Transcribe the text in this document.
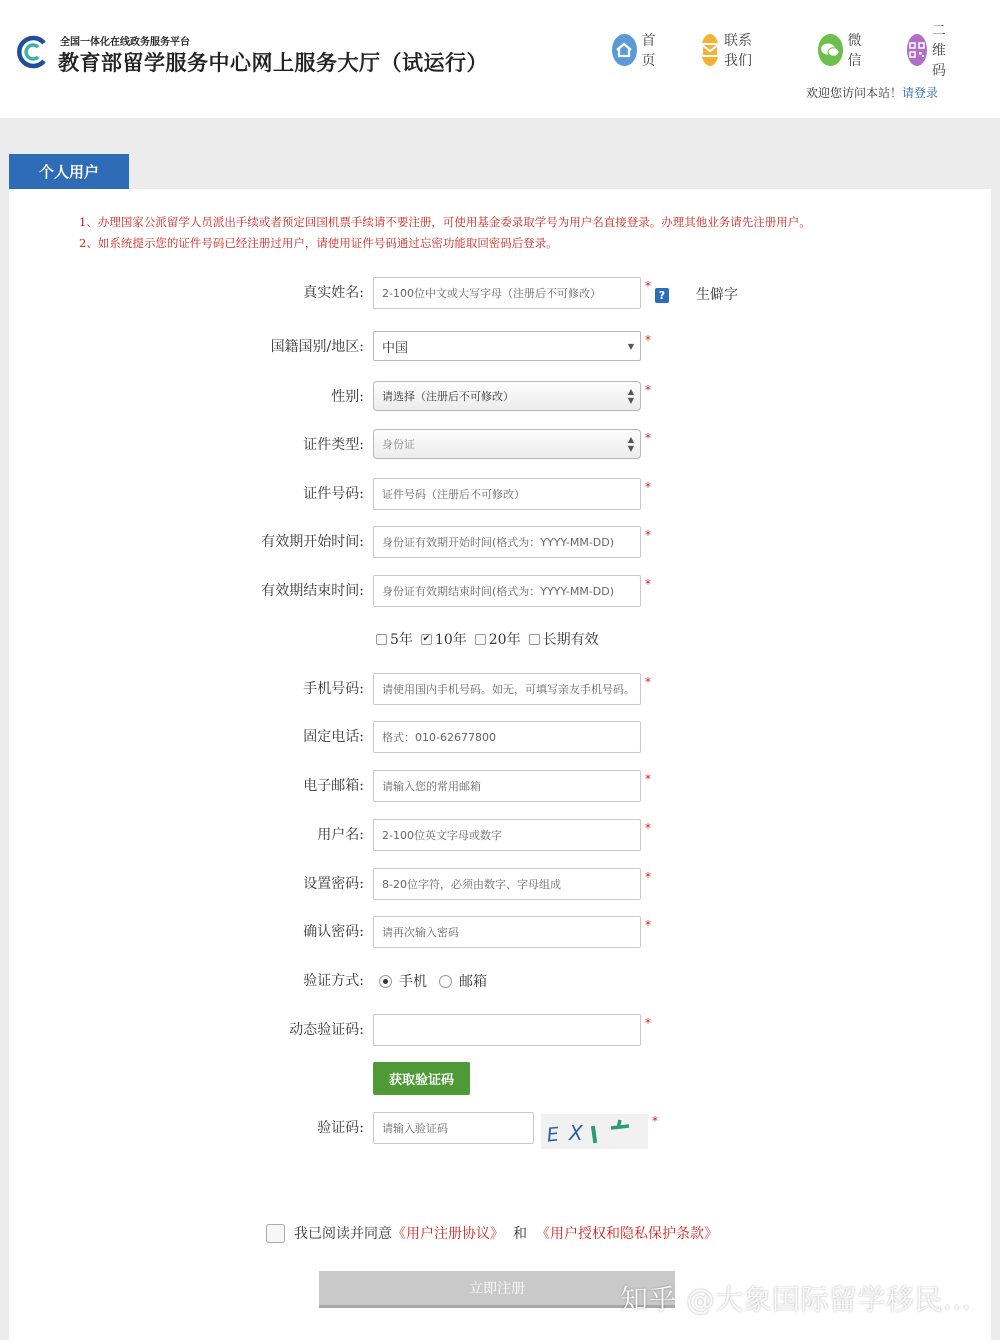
全国一体化在线政务服务平台
教育部留学服务中心网上服务大厅（试运行）
首页
联系我们
微信
二维码
欢迎您访问本站！请登录
个人用户
1、办理国家公派留学人员派出手续或者预定回国机票手续请不要注册，可使用基金委录取学号为用户名直接登录。办理其他业务请先注册用户。
2、如系统提示您的证件号码已经注册过用户，请使用证件号码通过忘密功能取回密码后登录。
真实姓名:
2-100位中文或大写字母（注册后不可修改）	*
? 生僻字
国籍国别/地区: 中国	▼ *
性别: 请选择（注册后不可修改）	▲
▼
*
证件类型: 身份证	▲
▼
*
证件号码:
证件号码（注册后不可修改）	*
有效期开始时间:
身份证有效期开始时间(格式为：YYYY-MM-DD)	*
有效期结束时间:
身份证有效期结束时间(格式为：YYYY-MM-DD)	*
5年 ✔ 10年 20年 长期有效
手机号码:
请使用国内手机号码。如无，可填写亲友手机号码。	*
固定电话:
格式：010-62677800
电子邮箱:
请输入您的常用邮箱	*
用户名:
2-100位英文字母或数字	*
设置密码:
8-20位字符，必须由数字、字母组成	*
确认密码:
请再次输入密码	*
验证方式:	手机 邮箱
动态验证码:	*
获取验证码
验证码:
请输入验证码	*
E X
我已阅读并同意 《用户注册协议》 和 《用户授权和隐私保护条款》
立即注册	知乎 @大象国际留学移民...
